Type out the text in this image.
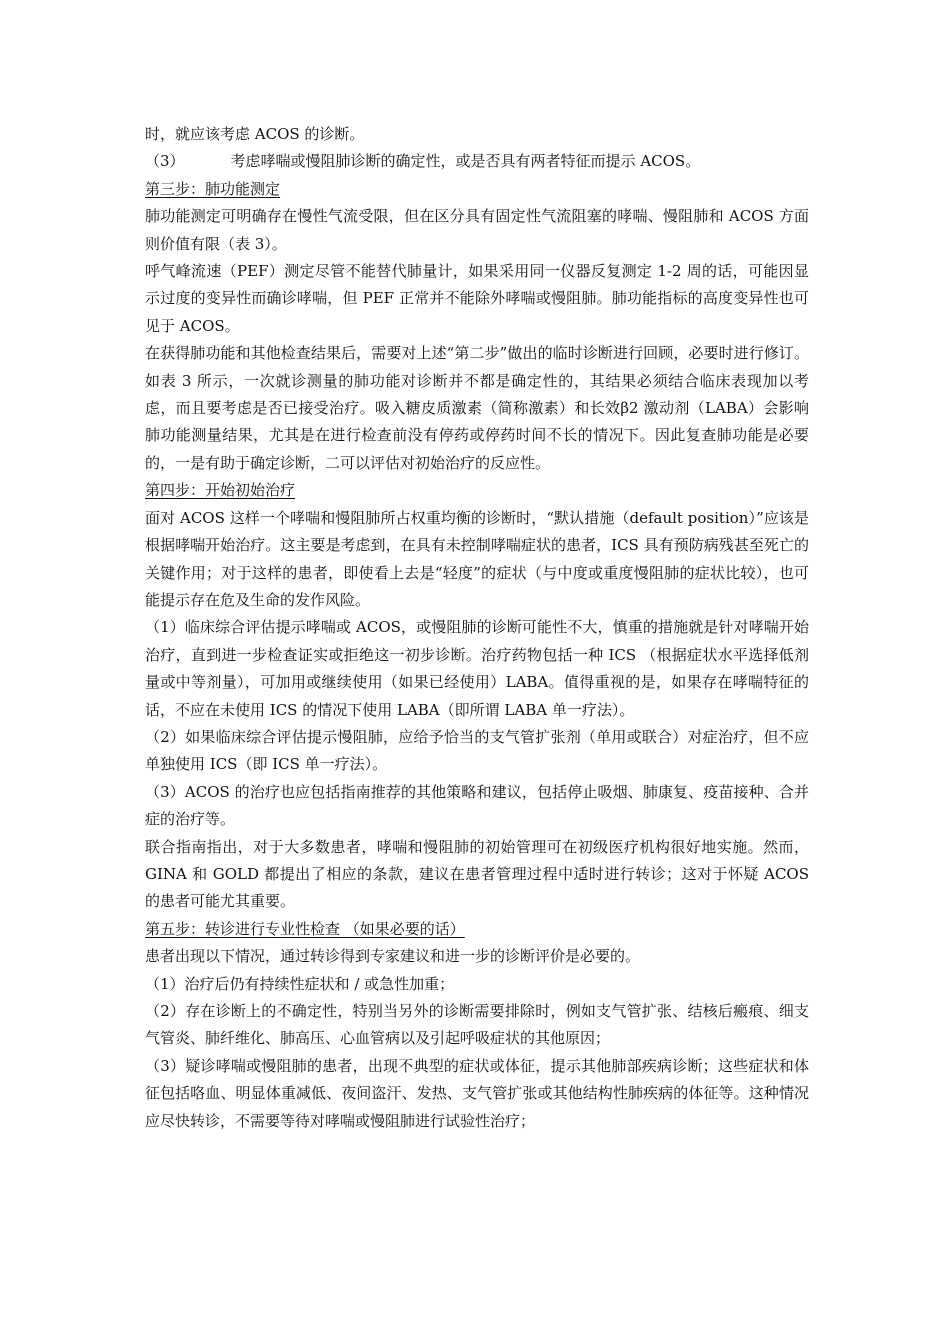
时，就应该考虑 ACOS 的诊断。

（3）	考虑哮喘或慢阻肺诊断的确定性，或是否具有两者特征而提示 ACOS。

第三步：肺功能测定

肺功能测定可明确存在慢性气流受限，但在区分具有固定性气流阻塞的哮喘、慢阻肺和 ACOS 方面则价值有限（表 3）。

呼气峰流速（PEF）测定尽管不能替代肺量计，如果采用同一仪器反复测定 1-2 周的话，可能因显示过度的变异性而确诊哮喘，但 PEF 正常并不能除外哮喘或慢阻肺。肺功能指标的高度变异性也可见于 ACOS。

在获得肺功能和其他检查结果后，需要对上述“第二步”做出的临时诊断进行回顾，必要时进行修订。如表 3 所示，一次就诊测量的肺功能对诊断并不都是确定性的，其结果必须结合临床表现加以考虑，而且要考虑是否已接受治疗。吸入糖皮质激素（简称激素）和长效β2 激动剂（LABA）会影响肺功能测量结果，尤其是在进行检查前没有停药或停药时间不长的情况下。因此复查肺功能是必要的，一是有助于确定诊断，二可以评估对初始治疗的反应性。

第四步：开始初始治疗

面对 ACOS 这样一个哮喘和慢阻肺所占权重均衡的诊断时，“默认措施（default position）”应该是根据哮喘开始治疗。这主要是考虑到，在具有未控制哮喘症状的患者，ICS 具有预防病残甚至死亡的关键作用；对于这样的患者，即使看上去是“轻度”的症状（与中度或重度慢阻肺的症状比较），也可能提示存在危及生命的发作风险。

（1）临床综合评估提示哮喘或 ACOS，或慢阻肺的诊断可能性不大，慎重的措施就是针对哮喘开始治疗，直到进一步检查证实或拒绝这一初步诊断。治疗药物包括一种 ICS （根据症状水平选择低剂量或中等剂量），可加用或继续使用（如果已经使用）LABA。值得重视的是，如果存在哮喘特征的话，不应在未使用 ICS 的情况下使用 LABA（即所谓 LABA 单一疗法）。

（2）如果临床综合评估提示慢阻肺，应给予恰当的支气管扩张剂（单用或联合）对症治疗，但不应单独使用 ICS（即 ICS 单一疗法）。

（3）ACOS 的治疗也应包括指南推荐的其他策略和建议，包括停止吸烟、肺康复、疫苗接种、合并症的治疗等。

联合指南指出，对于大多数患者，哮喘和慢阻肺的初始管理可在初级医疗机构很好地实施。然而，GINA 和 GOLD 都提出了相应的条款，建议在患者管理过程中适时进行转诊；这对于怀疑 ACOS 的患者可能尤其重要。

第五步：转诊进行专业性检查 （如果必要的话）

患者出现以下情况，通过转诊得到专家建议和进一步的诊断评价是必要的。

（1）治疗后仍有持续性症状和 / 或急性加重；

（2）存在诊断上的不确定性，特别当另外的诊断需要排除时，例如支气管扩张、结核后瘢痕、细支气管炎、肺纤维化、肺高压、心血管病以及引起呼吸症状的其他原因；

（3）疑诊哮喘或慢阻肺的患者，出现不典型的症状或体征，提示其他肺部疾病诊断；这些症状和体征包括咯血、明显体重减低、夜间盗汗、发热、支气管扩张或其他结构性肺疾病的体征等。这种情况应尽快转诊，不需要等待对哮喘或慢阻肺进行试验性治疗；
